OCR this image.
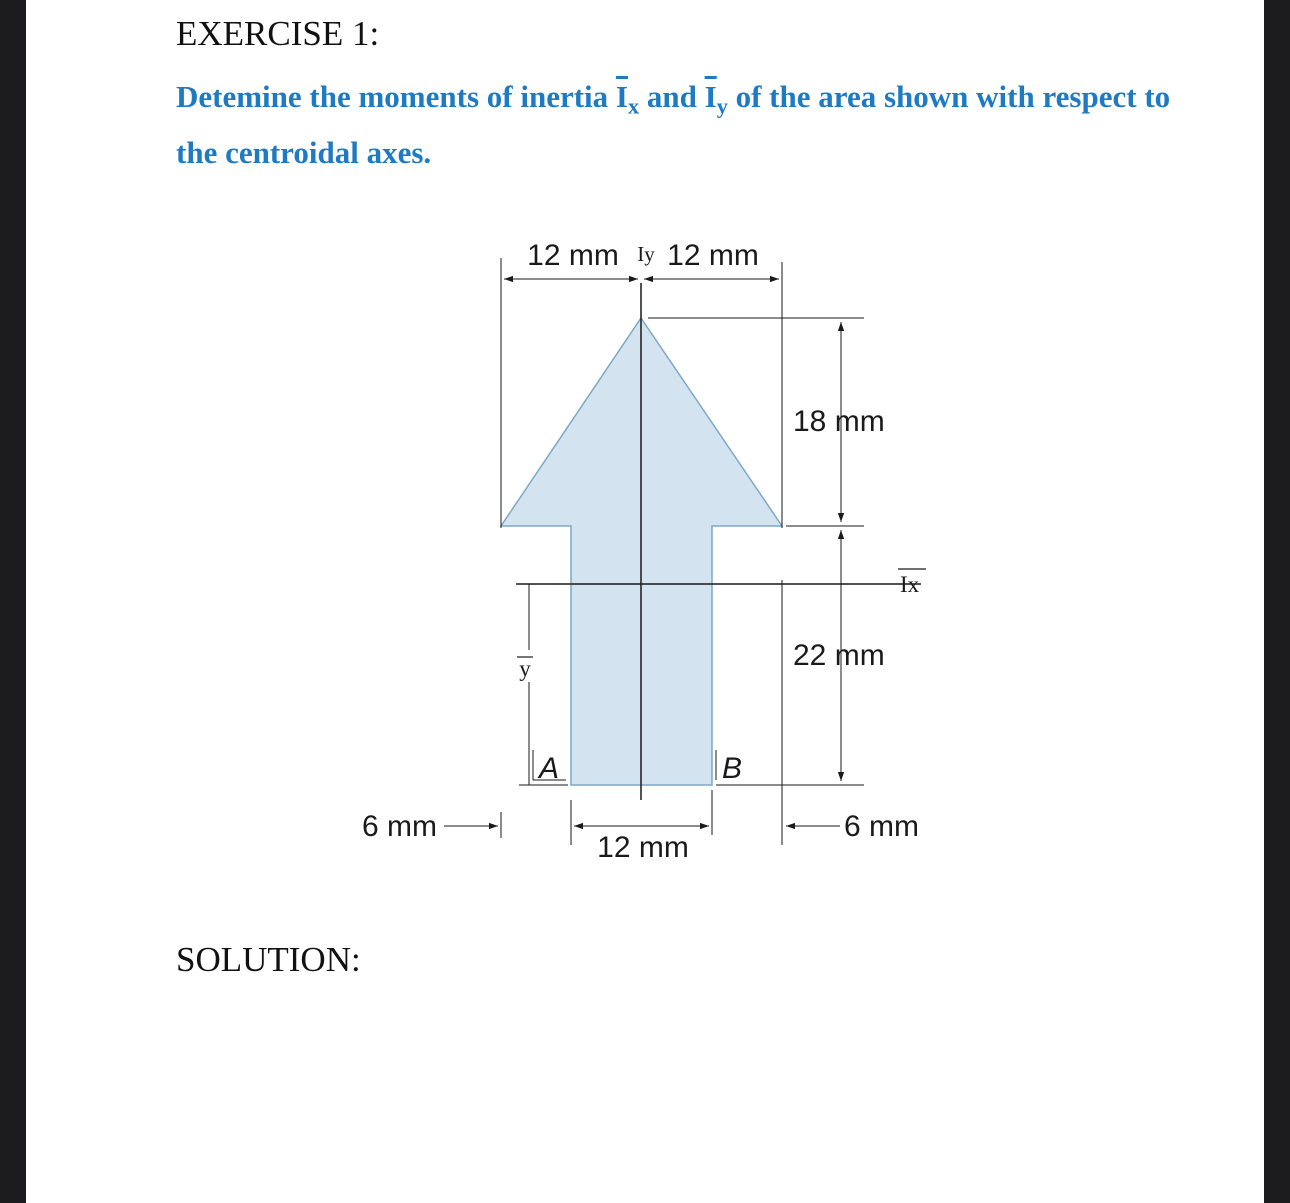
EXERCISE 1:
Detemine the moments of inertia $\overline{I}_x$ and $\overline{I}_y$ of the area shown with respect to the centroidal axes.
12 mm 12 mm
Iy
18 mm
22 mm
Ix
y
A	B
6 mm
12 mm
6 mm
SOLUTION:
